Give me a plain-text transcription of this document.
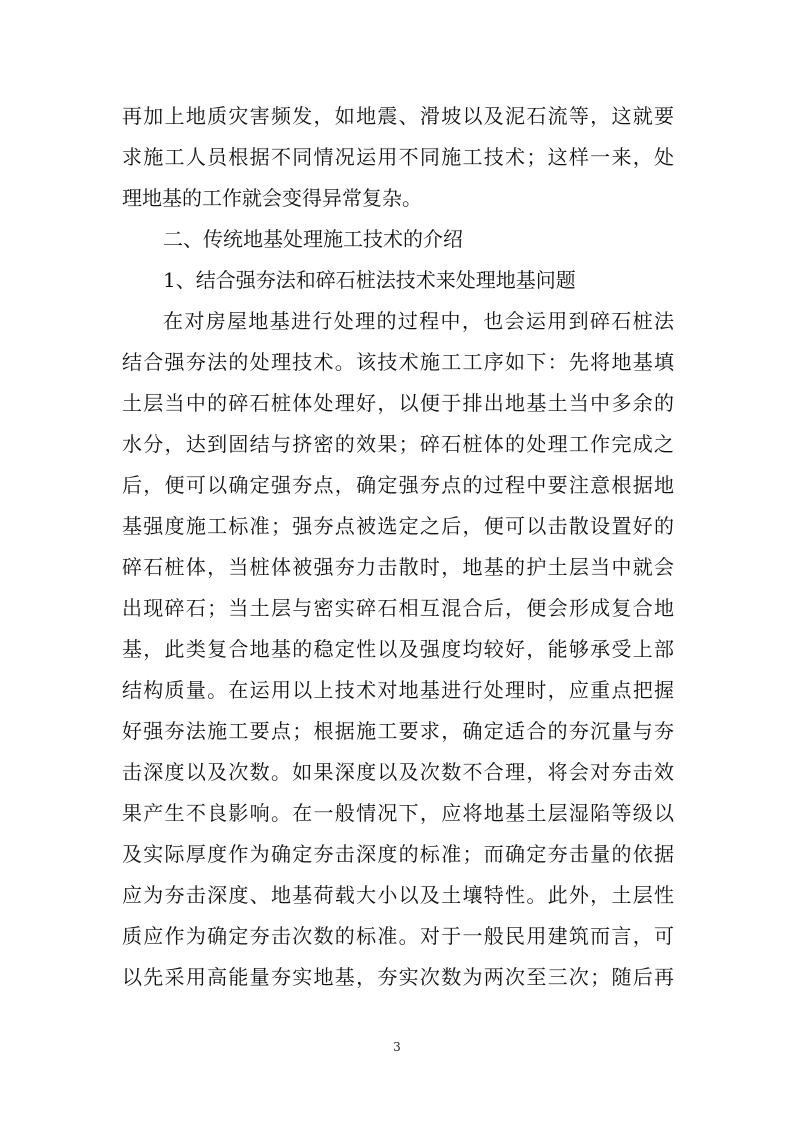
再加上地质灾害频发，如地震、滑坡以及泥石流等，这就要
求施工人员根据不同情况运用不同施工技术；这样一来，处
理地基的工作就会变得异常复杂。
二、传统地基处理施工技术的介绍
1、结合强夯法和碎石桩法技术来处理地基问题
在对房屋地基进行处理的过程中，也会运用到碎石桩法
结合强夯法的处理技术。该技术施工工序如下：先将地基填
土层当中的碎石桩体处理好，以便于排出地基土当中多余的
水分，达到固结与挤密的效果；碎石桩体的处理工作完成之
后，便可以确定强夯点，确定强夯点的过程中要注意根据地
基强度施工标准；强夯点被选定之后，便可以击散设置好的
碎石桩体，当桩体被强夯力击散时，地基的护土层当中就会
出现碎石；当土层与密实碎石相互混合后，便会形成复合地
基，此类复合地基的稳定性以及强度均较好，能够承受上部
结构质量。在运用以上技术对地基进行处理时，应重点把握
好强夯法施工要点；根据施工要求，确定适合的夯沉量与夯
击深度以及次数。如果深度以及次数不合理，将会对夯击效
果产生不良影响。在一般情况下，应将地基土层湿陷等级以
及实际厚度作为确定夯击深度的标准；而确定夯击量的依据
应为夯击深度、地基荷载大小以及土壤特性。此外，土层性
质应作为确定夯击次数的标准。对于一般民用建筑而言，可
以先采用高能量夯实地基，夯实次数为两次至三次；随后再
3
